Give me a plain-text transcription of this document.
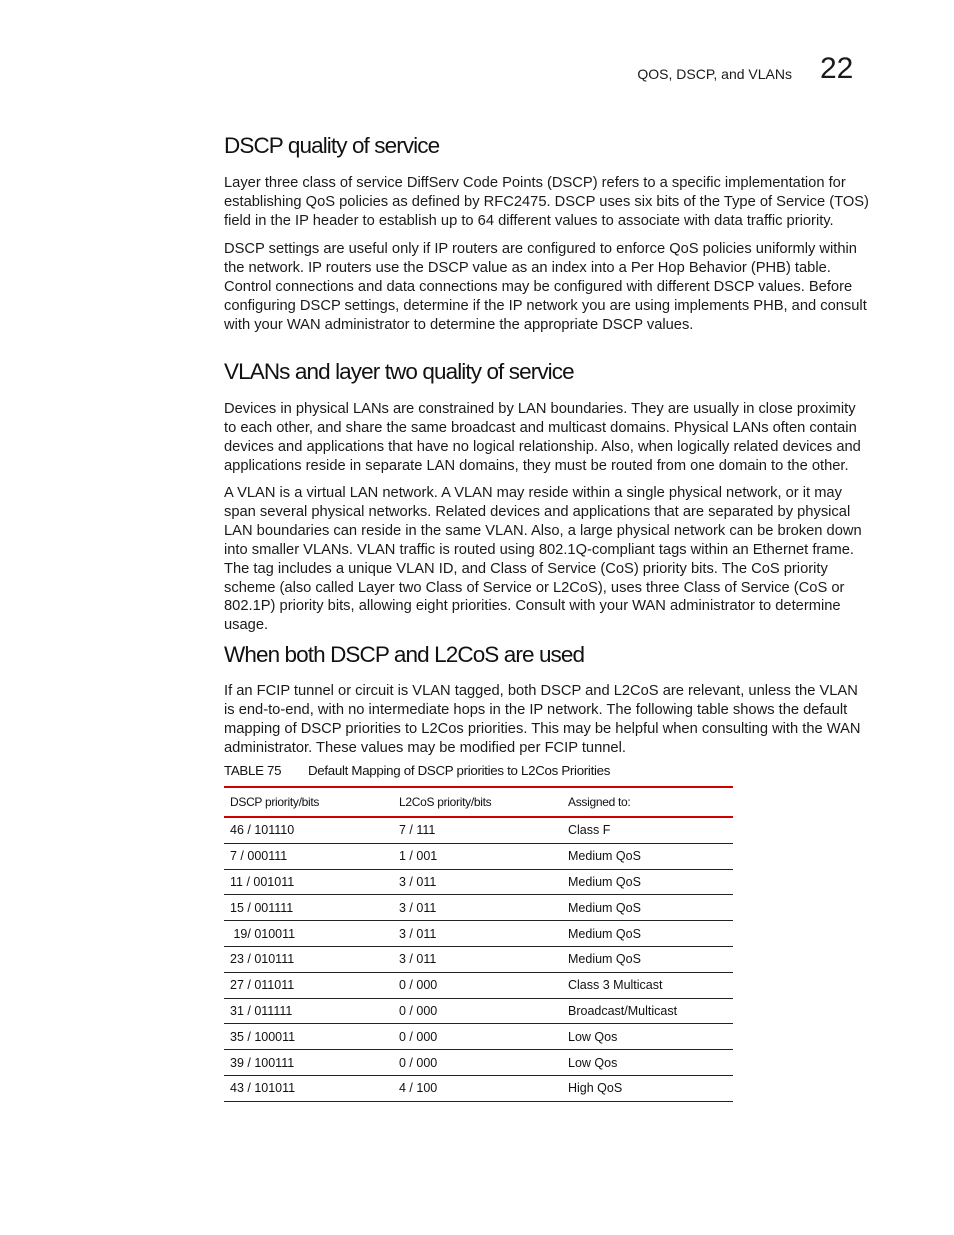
QOS, DSCP, and VLANs 22
DSCP quality of service

Layer three class of service DiffServ Code Points (DSCP) refers to a specific implementation for establishing QoS policies as defined by RFC2475. DSCP uses six bits of the Type of Service (TOS) field in the IP header to establish up to 64 different values to associate with data traffic priority.

DSCP settings are useful only if IP routers are configured to enforce QoS policies uniformly within the network. IP routers use the DSCP value as an index into a Per Hop Behavior (PHB) table. Control connections and data connections may be configured with different DSCP values. Before configuring DSCP settings, determine if the IP network you are using implements PHB, and consult with your WAN administrator to determine the appropriate DSCP values.

VLANs and layer two quality of service

Devices in physical LANs are constrained by LAN boundaries. They are usually in close proximity to each other, and share the same broadcast and multicast domains. Physical LANs often contain devices and applications that have no logical relationship. Also, when logically related devices and applications reside in separate LAN domains, they must be routed from one domain to the other.

A VLAN is a virtual LAN network. A VLAN may reside within a single physical network, or it may span several physical networks. Related devices and applications that are separated by physical LAN boundaries can reside in the same VLAN. Also, a large physical network can be broken down into smaller VLANs. VLAN traffic is routed using 802.1Q-compliant tags within an Ethernet frame. The tag includes a unique VLAN ID, and Class of Service (CoS) priority bits. The CoS priority scheme (also called Layer two Class of Service or L2CoS), uses three Class of Service (CoS or 802.1P) priority bits, allowing eight priorities. Consult with your WAN administrator to determine usage.

When both DSCP and L2CoS are used

If an FCIP tunnel or circuit is VLAN tagged, both DSCP and L2CoS are relevant, unless the VLAN is end-to-end, with no intermediate hops in the IP network. The following table shows the default mapping of DSCP priorities to L2Cos priorities. This may be helpful when consulting with the WAN administrator. These values may be modified per FCIP tunnel.

TABLE 75 Default Mapping of DSCP priorities to L2Cos Priorities
DSCP priority/bits	L2CoS priority/bits	Assigned to:
46 / 101110	7 / 111	Class F
7 / 000111	1 / 001	Medium QoS
11 / 001011	3 / 011	Medium QoS
15 / 001111	3 / 011	Medium QoS
19/ 010011	3 / 011	Medium QoS
23 / 010111	3 / 011	Medium QoS
27 / 011011	0 / 000	Class 3 Multicast
31 / 011111	0 / 000	Broadcast/Multicast
35 / 100011	0 / 000	Low Qos
39 / 100111	0 / 000	Low Qos
43 / 101011	4 / 100	High QoS
